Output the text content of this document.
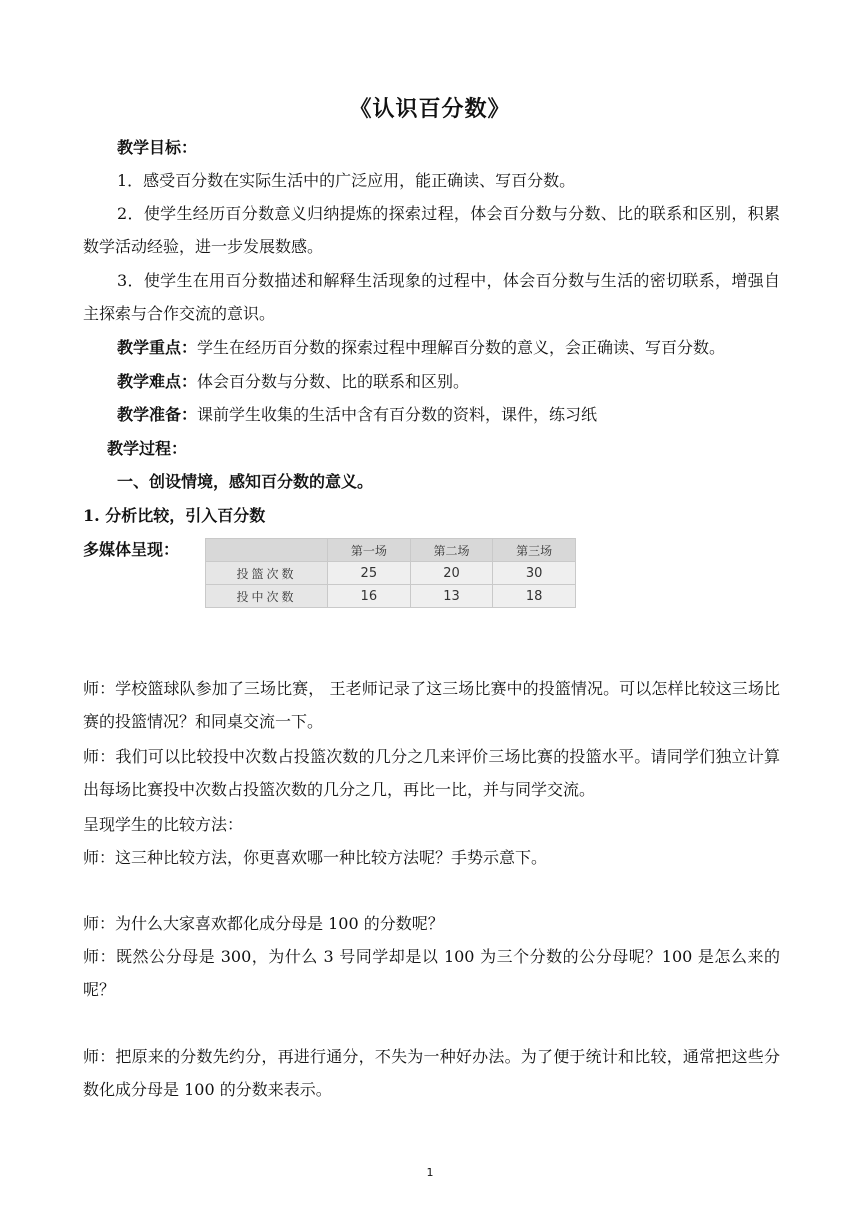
《认识百分数》
教学目标：
1．感受百分数在实际生活中的广泛应用，能正确读、写百分数。
2．使学生经历百分数意义归纳提炼的探索过程，体会百分数与分数、比的联系和区别，积累数学活动经验，进一步发展数感。
3．使学生在用百分数描述和解释生活现象的过程中，体会百分数与生活的密切联系，增强自主探索与合作交流的意识。
教学重点：学生在经历百分数的探索过程中理解百分数的意义，会正确读、写百分数。
教学难点：体会百分数与分数、比的联系和区别。
教学准备：课前学生收集的生活中含有百分数的资料，课件，练习纸
教学过程：
一、创设情境，感知百分数的意义。
1. 分析比较，引入百分数
多媒体呈现：
		第一场	第二场	第三场
投篮次数	25	20	30
投中次数	16	13	18
师：学校篮球队参加了三场比赛， 王老师记录了这三场比赛中的投篮情况。可以怎样比较这三场比赛的投篮情况？和同桌交流一下。
师：我们可以比较投中次数占投篮次数的几分之几来评价三场比赛的投篮水平。请同学们独立计算出每场比赛投中次数占投篮次数的几分之几，再比一比，并与同学交流。
呈现学生的比较方法：
师：这三种比较方法，你更喜欢哪一种比较方法呢？手势示意下。
师：为什么大家喜欢都化成分母是 100 的分数呢？
师：既然公分母是 300，为什么 3 号同学却是以 100 为三个分数的公分母呢？100 是怎么来的呢？
师：把原来的分数先约分，再进行通分，不失为一种好办法。为了便于统计和比较，通常把这些分数化成分母是 100 的分数来表示。
1
